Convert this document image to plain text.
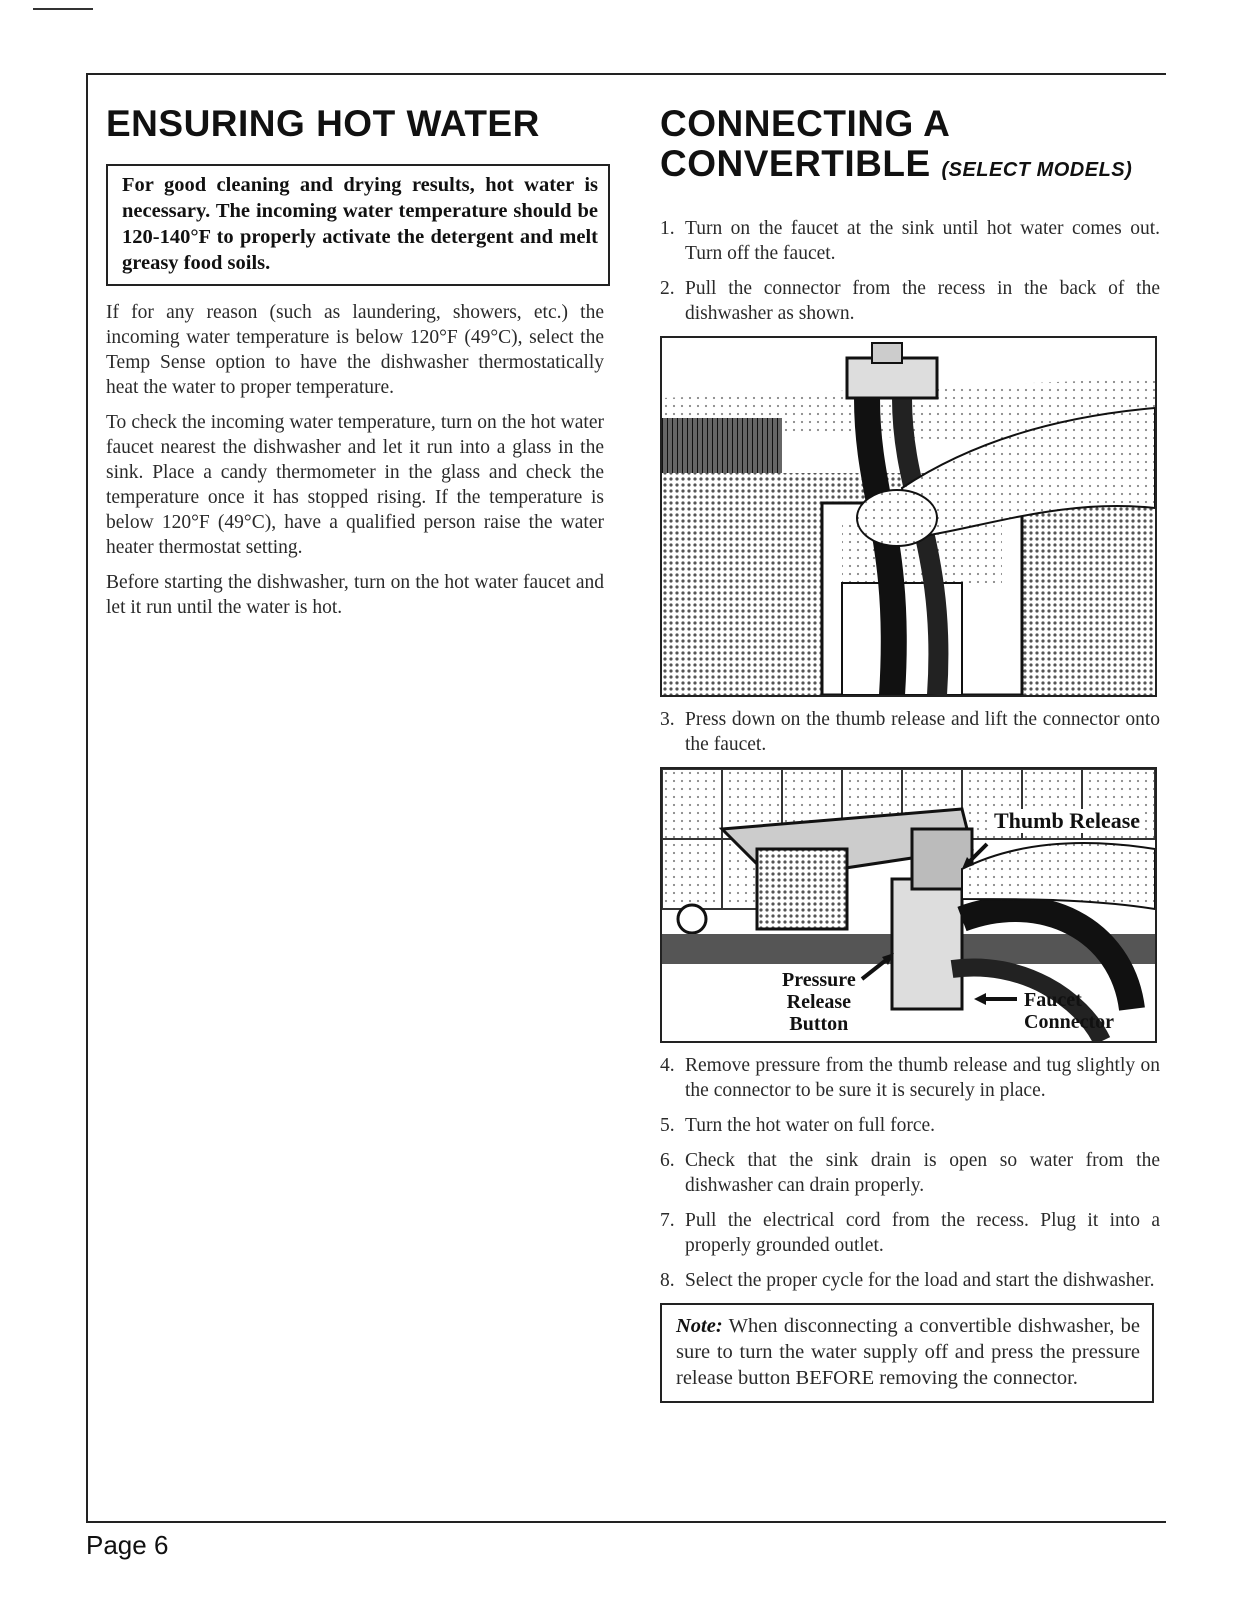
ENSURING HOT WATER
For good cleaning and drying results, hot water is necessary. The incoming water temperature should be 120-140°F to properly activate the detergent and melt greasy food soils.

If for any reason (such as laundering, showers, etc.) the incoming water temperature is below 120°F (49°C), select the Temp Sense option to have the dishwasher thermostatically heat the water to proper temperature.

To check the incoming water temperature, turn on the hot water faucet nearest the dishwasher and let it run into a glass in the sink. Place a candy thermometer in the glass and check the temperature once it has stopped rising. If the temperature is below 120°F (49°C), have a qualified person raise the water heater thermostat setting.

Before starting the dishwasher, turn on the hot water faucet and let it run until the water is hot.

CONNECTING A
CONVERTIBLE (SELECT MODELS)
1. Turn on the faucet at the sink until hot water comes out. Turn off the faucet.
2. Pull the connector from the recess in the back of the dishwasher as shown.
3. Press down on the thumb release and lift the connector onto the faucet.
Thumb Release
Pressure
Release
Button
Faucet
Connector
4. Remove pressure from the thumb release and tug slightly on the connector to be sure it is securely in place.
5. Turn the hot water on full force.
6. Check that the sink drain is open so water from the dishwasher can drain properly.
7. Pull the electrical cord from the recess. Plug it into a properly grounded outlet.
8. Select the proper cycle for the load and start the dishwasher.
Note: When disconnecting a convertible dishwasher, be sure to turn the water supply off and press the pressure release button BEFORE removing the connector.
Page 6
